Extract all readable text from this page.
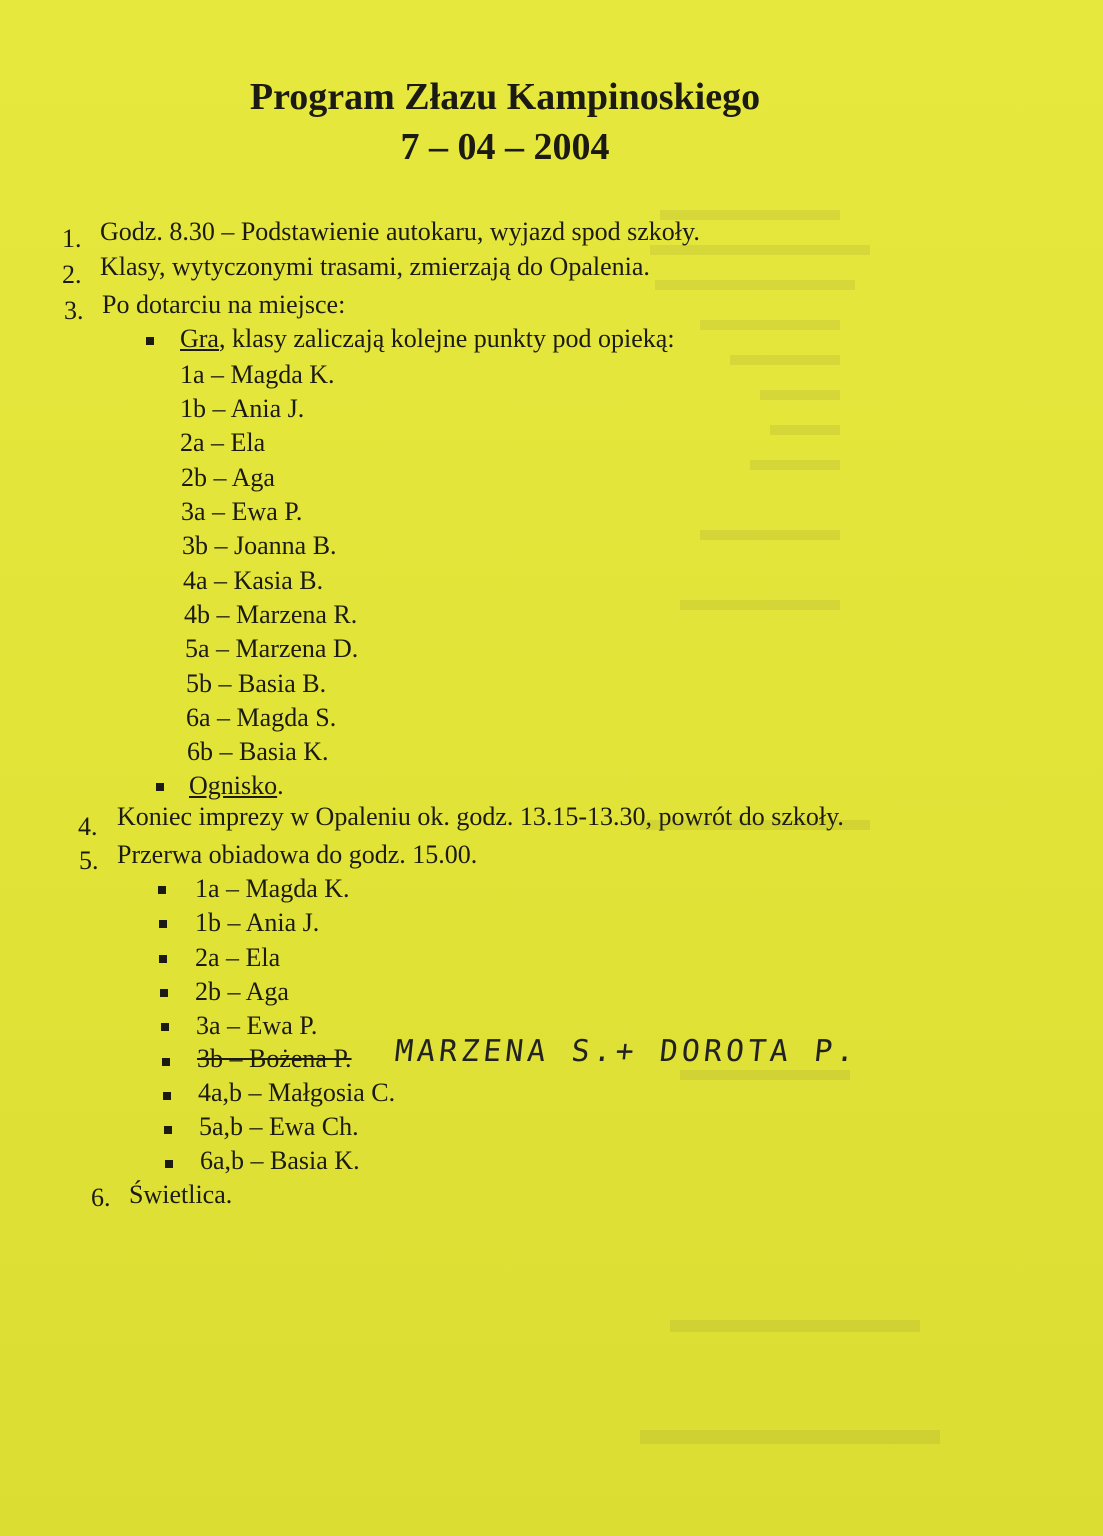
Program Złazu Kampinoskiego
7 – 04 – 2004
1. Godz. 8.30 – Podstawienie autokaru, wyjazd spod szkoły.
2. Klasy, wytyczonymi trasami, zmierzają do Opalenia.
3. Po dotarciu na miejsce:
Gra, klasy zaliczają kolejne punkty pod opieką:
1a – Magda K.
1b – Ania J.
2a – Ela
2b – Aga
3a – Ewa P.
3b – Joanna B.
4a – Kasia B.
4b – Marzena R.
5a – Marzena D.
5b – Basia B.
6a – Magda S.
6b – Basia K.
Ognisko.
4. Koniec imprezy w Opaleniu ok. godz. 13.15-13.30, powrót do szkoły.
5. Przerwa obiadowa do godz. 15.00.
1a – Magda K.
1b – Ania J.
2a – Ela
2b – Aga
3a – Ewa P.
3b – Bożena P. MARZENA S.+ DOROTA P.
4a,b – Małgosia C.
5a,b – Ewa Ch.
6a,b – Basia K.
6. Świetlica.
